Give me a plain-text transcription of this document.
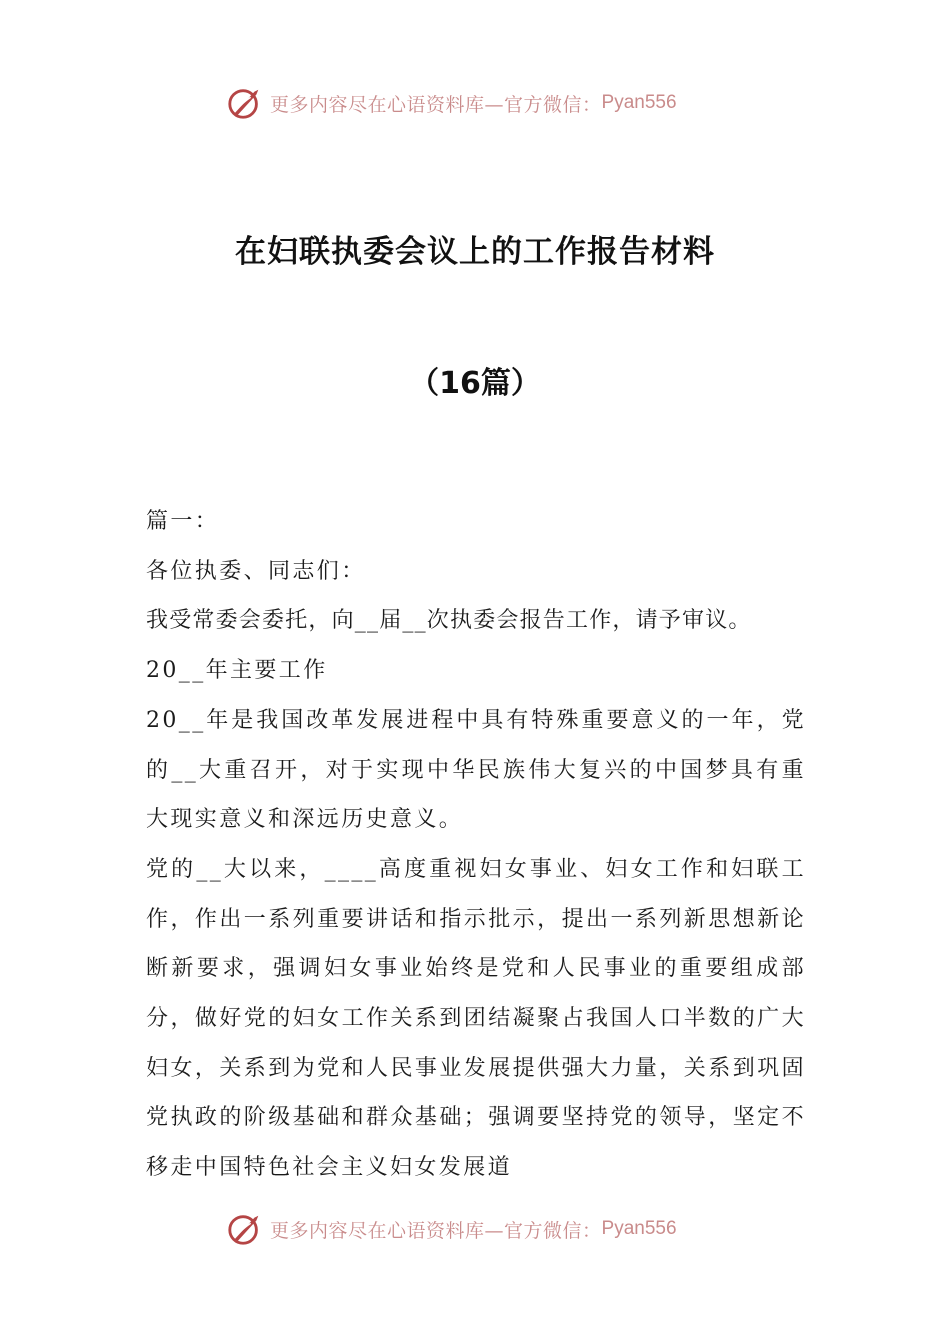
更多内容尽在心语资料库—官方微信： Pyan556
在妇联执委会议上的工作报告材料
（16篇）

篇一：

各位执委、同志们：

我受常委会委托，向__届__次执委会报告工作，请予审议。

20__年主要工作

20__年是我国改革发展进程中具有特殊重要意义的一年，党的__大重召开，对于实现中华民族伟大复兴的中国梦具有重大现实意义和深远历史意义。

党的__大以来，____高度重视妇女事业、妇女工作和妇联工作，作出一系列重要讲话和指示批示，提出一系列新思想新论断新要求，强调妇女事业始终是党和人民事业的重要组成部分，做好党的妇女工作关系到团结凝聚占我国人口半数的广大妇女，关系到为党和人民事业发展提供强大力量，关系到巩固党执政的阶级基础和群众基础；强调要坚持党的领导，坚定不移走中国特色社会主义妇女发展道

更多内容尽在心语资料库—官方微信： Pyan556
